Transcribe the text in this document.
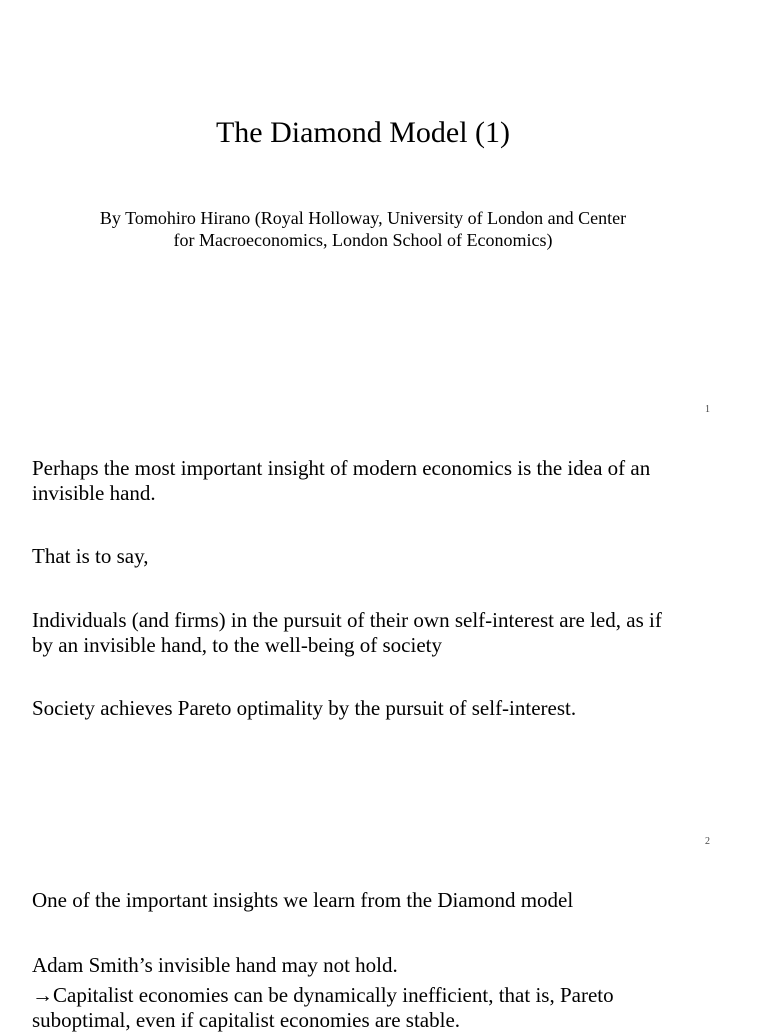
The Diamond Model (1)
By Tomohiro Hirano (Royal Holloway, University of London and Center
for Macroeconomics, London School of Economics)
1

Perhaps the most important insight of modern economics is the idea of an
invisible hand.

That is to say,

Individuals (and firms) in the pursuit of their own self-interest are led, as if
by an invisible hand, to the well-being of society

Society achieves Pareto optimality by the pursuit of self-interest.

2

One of the important insights we learn from the Diamond model

Adam Smith’s invisible hand may not hold.

→Capitalist economies can be dynamically inefficient, that is, Pareto
suboptimal, even if capitalist economies are stable.
